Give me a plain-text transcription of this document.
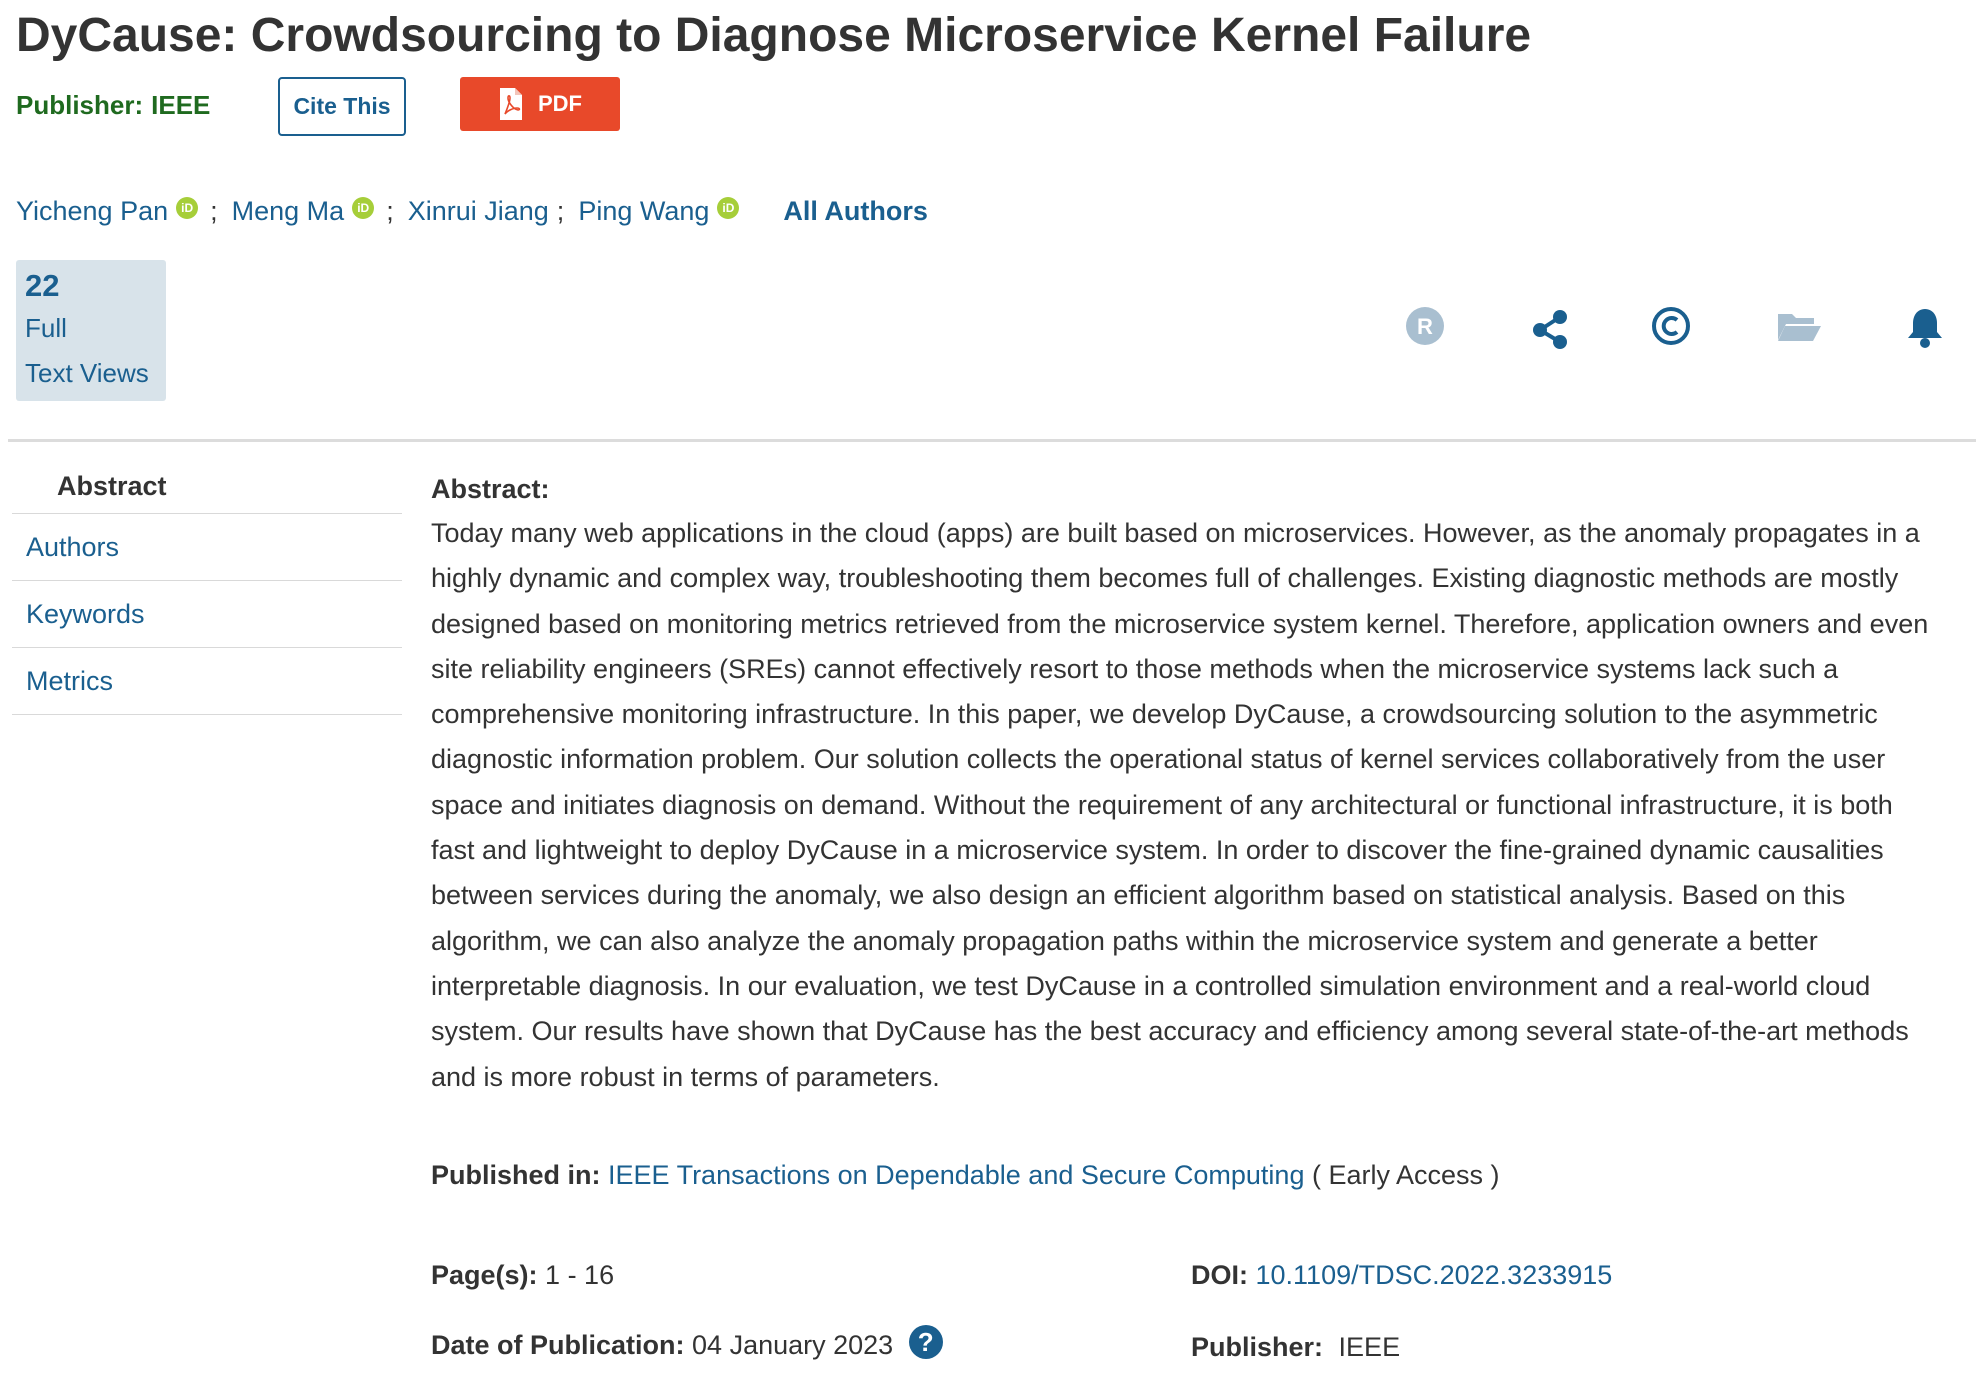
DyCause: Crowdsourcing to Diagnose Microservice Kernel Failure
Publisher: IEEE	Cite This	PDF
Yicheng Pan	iD ; Meng Ma	iD ; Xinrui Jiang ; Ping Wang	iD All Authors
22
Full
Text Views
R
Abstract
Authors
Keywords
Metrics
Abstract:

Today many web applications in the cloud (apps) are built based on microservices. However, as the anomaly propagates in a highly dynamic and complex way, troubleshooting them becomes full of challenges. Existing diagnostic methods are mostly designed based on monitoring metrics retrieved from the microservice system kernel. Therefore, application owners and even site reliability engineers (SREs) cannot effectively resort to those methods when the microservice systems lack such a comprehensive monitoring infrastructure. In this paper, we develop DyCause, a crowdsourcing solution to the asymmetric diagnostic information problem. Our solution collects the operational status of kernel services collaboratively from the user space and initiates diagnosis on demand. Without the requirement of any architectural or functional infrastructure, it is both fast and lightweight to deploy DyCause in a microservice system. In order to discover the fine-grained dynamic causalities between services during the anomaly, we also design an efficient algorithm based on statistical analysis. Based on this algorithm, we can also analyze the anomaly propagation paths within the microservice system and generate a better interpretable diagnosis. In our evaluation, we test DyCause in a controlled simulation environment and a real-world cloud system. Our results have shown that DyCause has the best accuracy and efficiency among several state-of-the-art methods and is more robust in terms of parameters.

Published in: IEEE Transactions on Dependable and Secure Computing ( Early Access )
Page(s): 1 - 16	DOI: 10.1109/TDSC.2022.3233915
Date of Publication: 04 January 2023 ?	Publisher: IEEE
